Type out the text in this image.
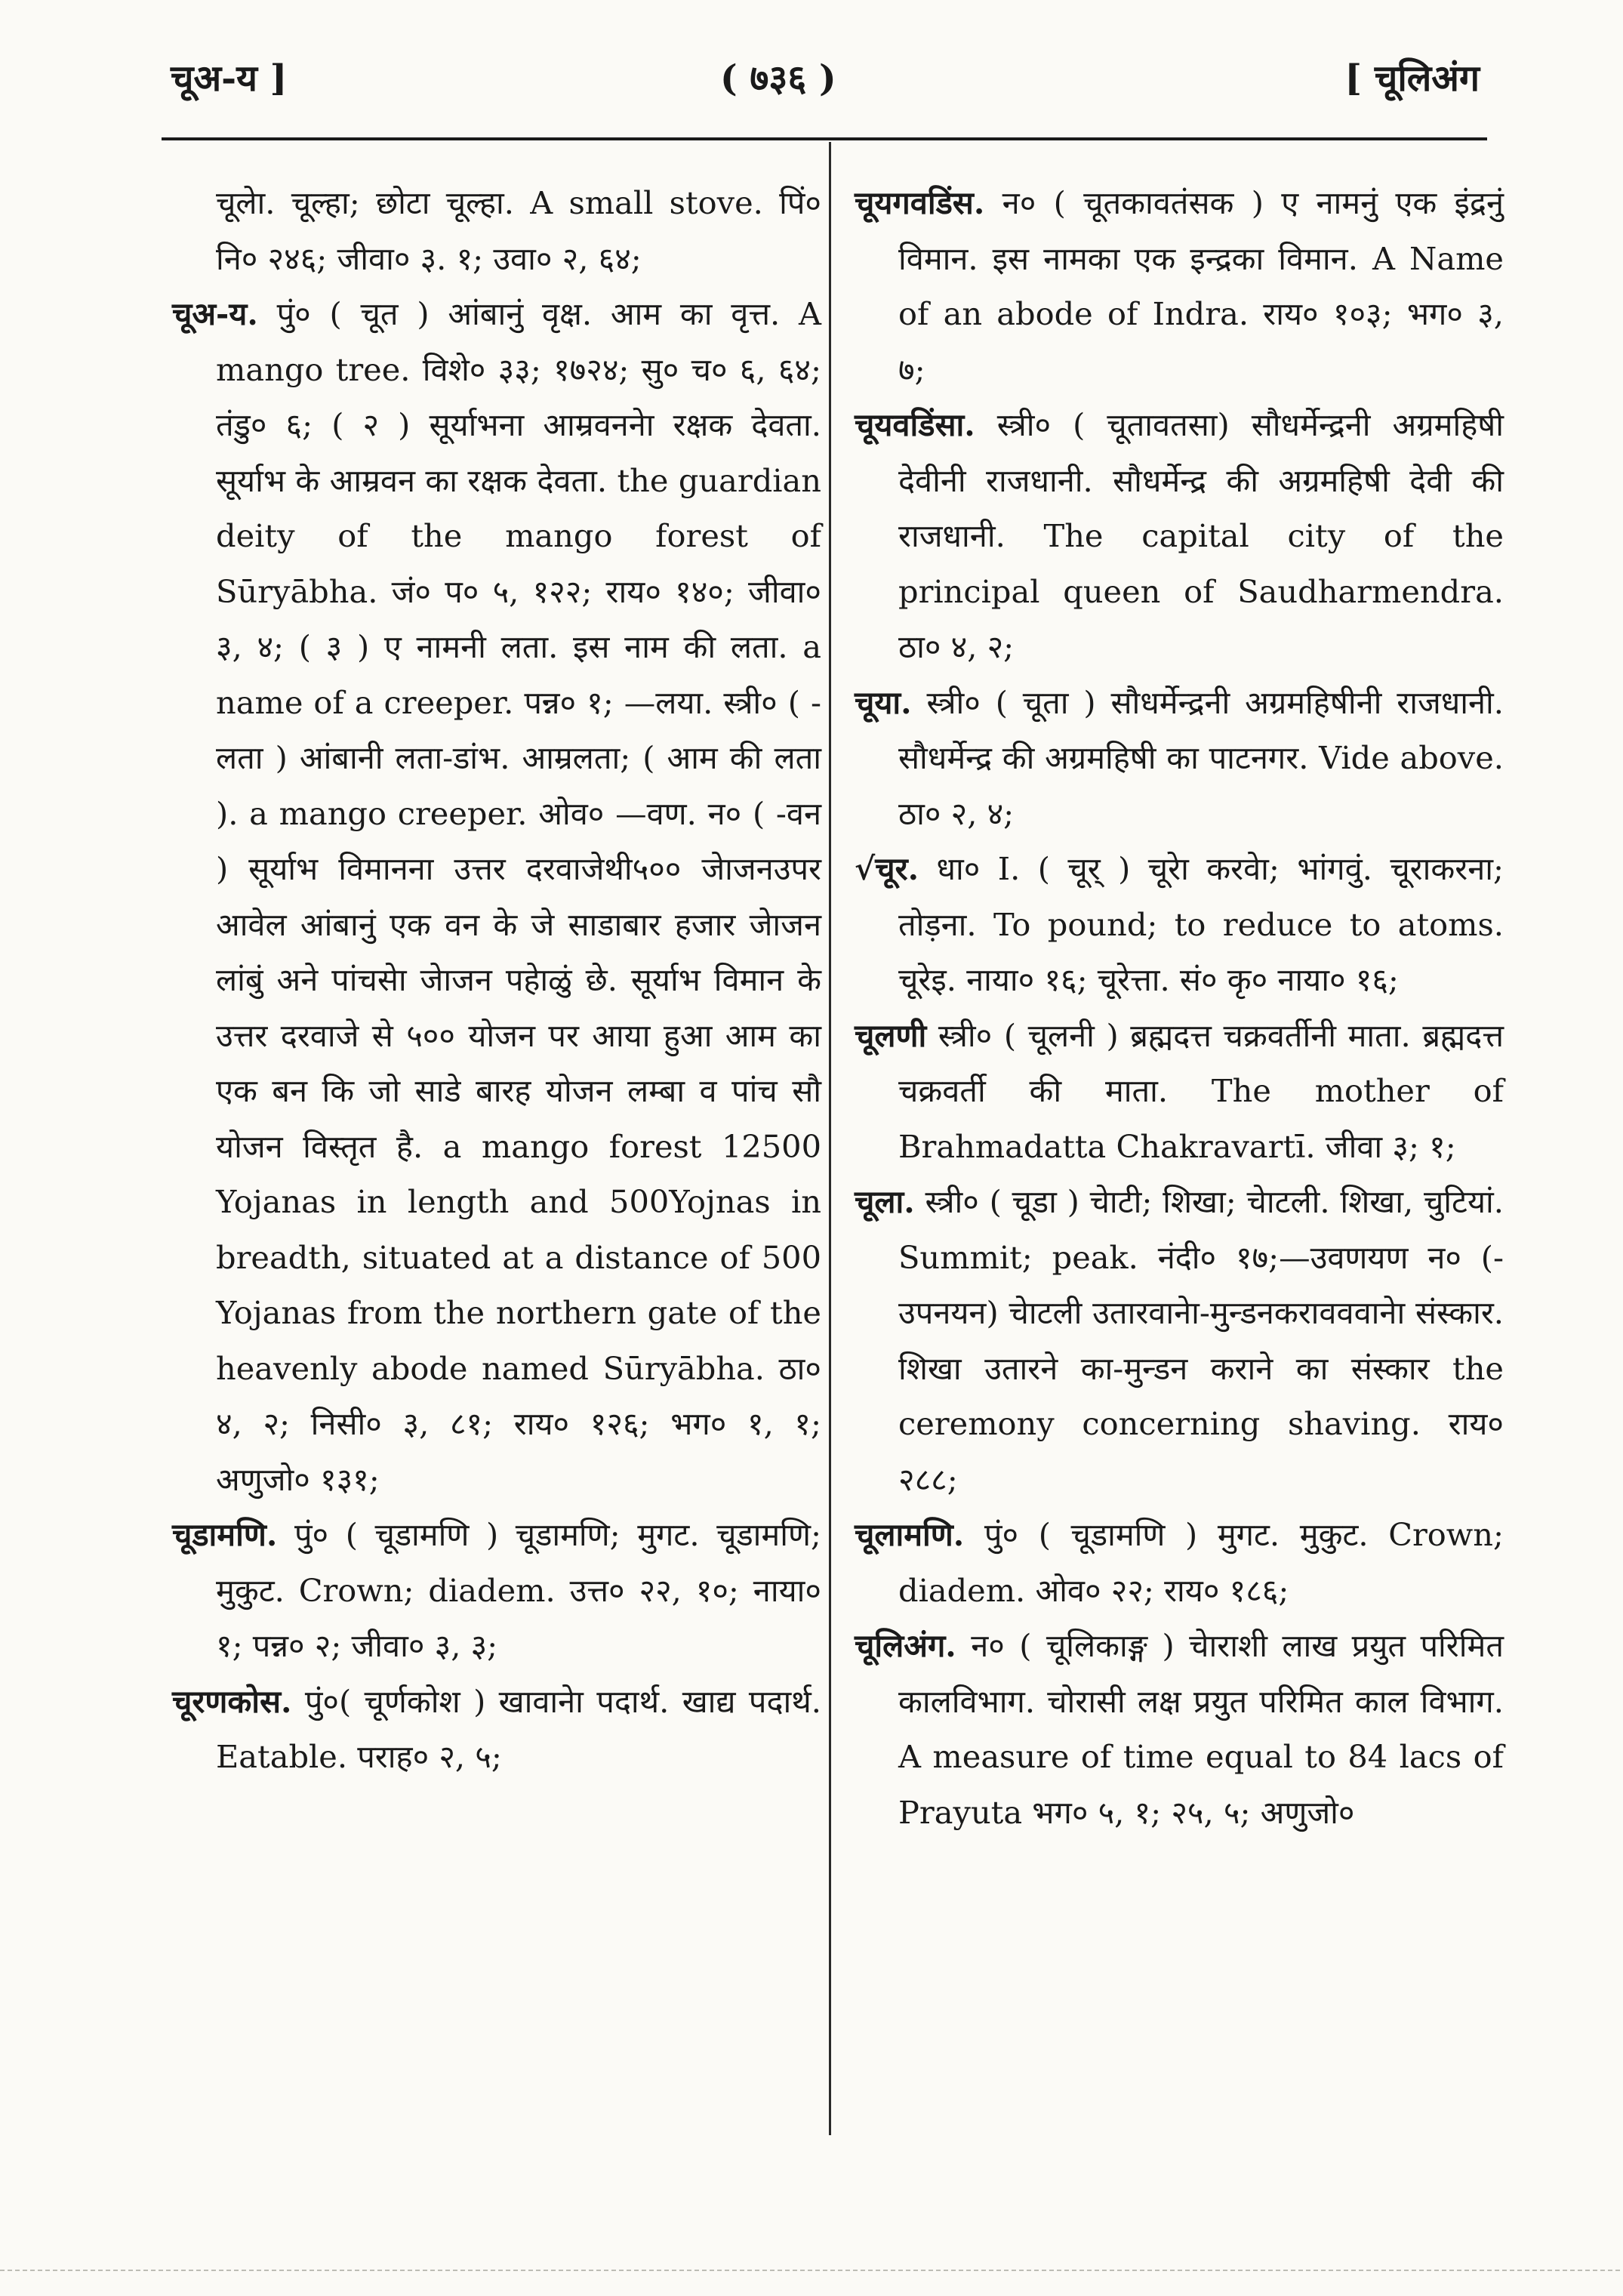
चूअ-य ]	( ७३६ )	[ चूलिअंग

चूलेा. चूल्हा; छोटा चूल्हा. A small stove. पिं० नि० २४६; जीवा० ३. १; उवा० २, ६४;

चूअ-य. पुं० ( चूत ) आंबानुं वृक्ष. आम का वृत्त. A mango tree. विशे० ३३; १७२४; सु० च० ६, ६४; तंडु० ६; ( २ ) सूर्याभना आम्रवननेा रक्षक देवता. सूर्याभ के आम्रवन का रक्षक देवता. the guardian deity of the mango forest of Sūryābha. जं० प० ५, १२२; राय० १४०; जीवा० ३, ४; ( ३ ) ए नामनी लता. इस नाम की लता. a name of a creeper. पन्न० १; —लया. स्त्री० ( -लता ) आंबानी लता-डांभ. आम्रलता; ( आम की लता ). a mango creeper. ओव० —वण. न० ( -वन ) सूर्याभ विमानना उत्तर दरवाजेथी५०० जेाजनउपर आवेल आंबानुं एक वन के जे साडाबार हजार जेाजन लांबुं अने पांचसेा जेाजन पहेाळुं छे. सूर्याभ विमान के उत्तर दरवाजे से ५०० योजन पर आया हुआ आम का एक बन कि जो साडे बारह योजन लम्बा व पांच सौ योजन विस्तृत है. a mango forest 12500 Yojanas in length and 500Yojnas in breadth, situated at a distance of 500 Yojanas from the northern gate of the heavenly abode named Sūryābha. ठा० ४, २; निसी० ३, ८१; राय० १२६; भग० १, १; अणुजो० १३१;

चूडामणि. पुं० ( चूडामणि ) चूडामणि; मुगट. चूडामणि; मुकुट. Crown; diadem. उत्त० २२, १०; नाया० १; पन्न० २; जीवा० ३, ३;

चूरणकोस. पुं०( चूर्णकोश ) खावानेा पदार्थ. खाद्य पदार्थ. Eatable. पराह० २, ५;

चूयगवडिंस. न० ( चूतकावतंसक ) ए नामनुं एक इंद्रनुं विमान. इस नामका एक इन्द्रका विमान. A Name of an abode of Indra. राय० १०३; भग० ३, ७;

चूयवडिंसा. स्त्री० ( चूतावतसा) सौधर्मेन्द्रनी अग्रमहिषी देवीनी राजधानी. सौधर्मेन्द्र की अग्रमहिषी देवी की राजधानी. The capital city of the principal queen of Saudharmendra. ठा० ४, २;

चूया. स्त्री० ( चूता ) सौधर्मेन्द्रनी अग्रमहिषीनी राजधानी. सौधर्मेन्द्र की अग्रमहिषी का पाटनगर. Vide above. ठा० २, ४;

√चूर. धा० I. ( चूर् ) चूरेा करवेा; भांगवुं. चूराकरना; तोड़ना. To pound; to reduce to atoms. चूरेइ. नाया० १६; चूरेत्ता. सं० कृ० नाया० १६;

चूलणी स्त्री० ( चूलनी ) ब्रह्मदत्त चक्रवर्तीनी माता. ब्रह्मदत्त चक्रवर्ती की माता. The mother of Brahmadatta Chakravartī. जीवा ३; १;

चूला. स्त्री० ( चूडा ) चेाटी; शिखा; चेाटली. शिखा, चुटियां. Summit; peak. नंदी० १७;—उवणयण न० (-उपनयन) चेाटली उतारवानेा-मुन्डनकरावववानेा संस्कार. शिखा उतारने का-मुन्डन कराने का संस्कार the ceremony concerning shaving. राय० २८८;

चूलामणि. पुं० ( चूडामणि ) मुगट. मुकुट. Crown; diadem. ओव० २२; राय० १८६;

चूलिअंग. न० ( चूलिकाङ्ग ) चेाराशी लाख प्रयुत परिमित कालविभाग. चोरासी लक्ष प्रयुत परिमित काल विभाग. A measure of time equal to 84 lacs of Prayuta भग० ५, १; २५, ५; अणुजो०
